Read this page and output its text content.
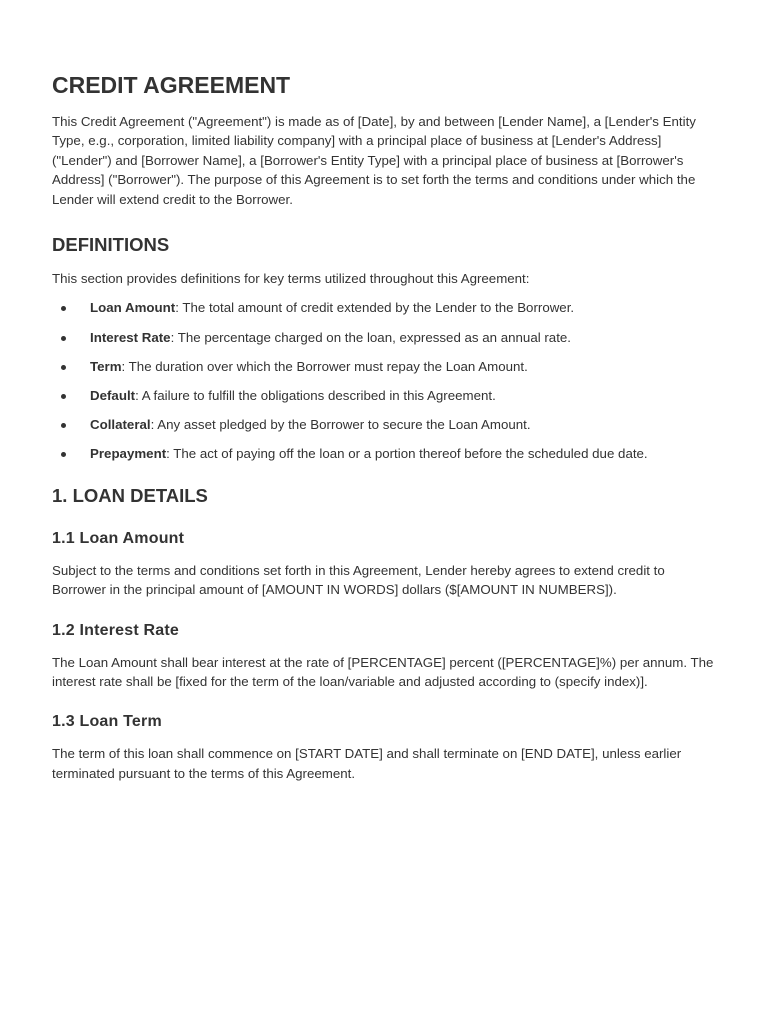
CREDIT AGREEMENT

This Credit Agreement ("Agreement") is made as of [Date], by and between [Lender Name], a [Lender's Entity Type, e.g., corporation, limited liability company] with a principal place of business at [Lender's Address] ("Lender") and [Borrower Name], a [Borrower's Entity Type] with a principal place of business at [Borrower's Address] ("Borrower"). The purpose of this Agreement is to set forth the terms and conditions under which the Lender will extend credit to the Borrower.

DEFINITIONS

This section provides definitions for key terms utilized throughout this Agreement:

Loan Amount: The total amount of credit extended by the Lender to the Borrower.
Interest Rate: The percentage charged on the loan, expressed as an annual rate.
Term: The duration over which the Borrower must repay the Loan Amount.
Default: A failure to fulfill the obligations described in this Agreement.
Collateral: Any asset pledged by the Borrower to secure the Loan Amount.
Prepayment: The act of paying off the loan or a portion thereof before the scheduled due date.
1. LOAN DETAILS
1.1 Loan Amount

Subject to the terms and conditions set forth in this Agreement, Lender hereby agrees to extend credit to Borrower in the principal amount of [AMOUNT IN WORDS] dollars ($[AMOUNT IN NUMBERS]).

1.2 Interest Rate

The Loan Amount shall bear interest at the rate of [PERCENTAGE] percent ([PERCENTAGE]%) per annum. The interest rate shall be [fixed for the term of the loan/variable and adjusted according to (specify index)].

1.3 Loan Term

The term of this loan shall commence on [START DATE] and shall terminate on [END DATE], unless earlier terminated pursuant to the terms of this Agreement.
